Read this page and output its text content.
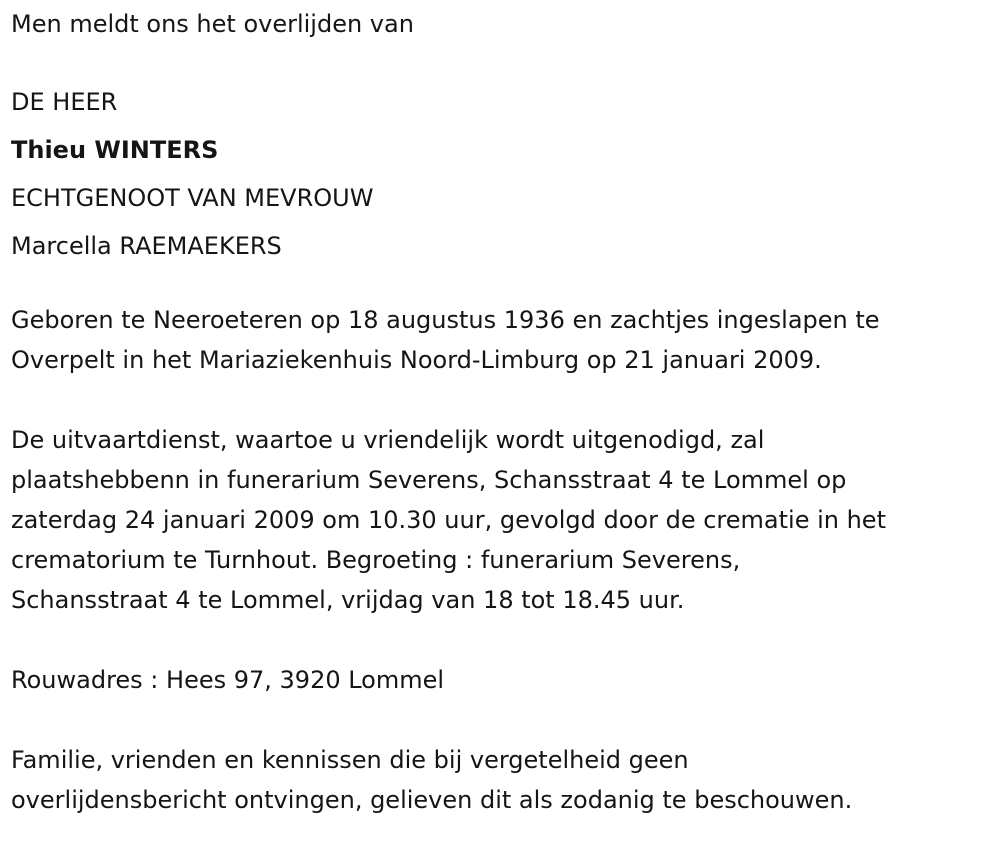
Men meldt ons het overlijden van

DE HEER

Thieu WINTERS

ECHTGENOOT VAN MEVROUW

Marcella RAEMAEKERS

Geboren te Neeroeteren op 18 augustus 1936 en zachtjes ingeslapen te

Overpelt in het Mariaziekenhuis Noord-Limburg op 21 januari 2009.

De uitvaartdienst, waartoe u vriendelijk wordt uitgenodigd, zal

plaatshebbenn in funerarium Severens, Schansstraat 4 te Lommel op

zaterdag 24 januari 2009 om 10.30 uur, gevolgd door de crematie in het

crematorium te Turnhout. Begroeting : funerarium Severens,

Schansstraat 4 te Lommel, vrijdag van 18 tot 18.45 uur.

Rouwadres : Hees 97, 3920 Lommel

Familie, vrienden en kennissen die bij vergetelheid geen

overlijdensbericht ontvingen, gelieven dit als zodanig te beschouwen.
